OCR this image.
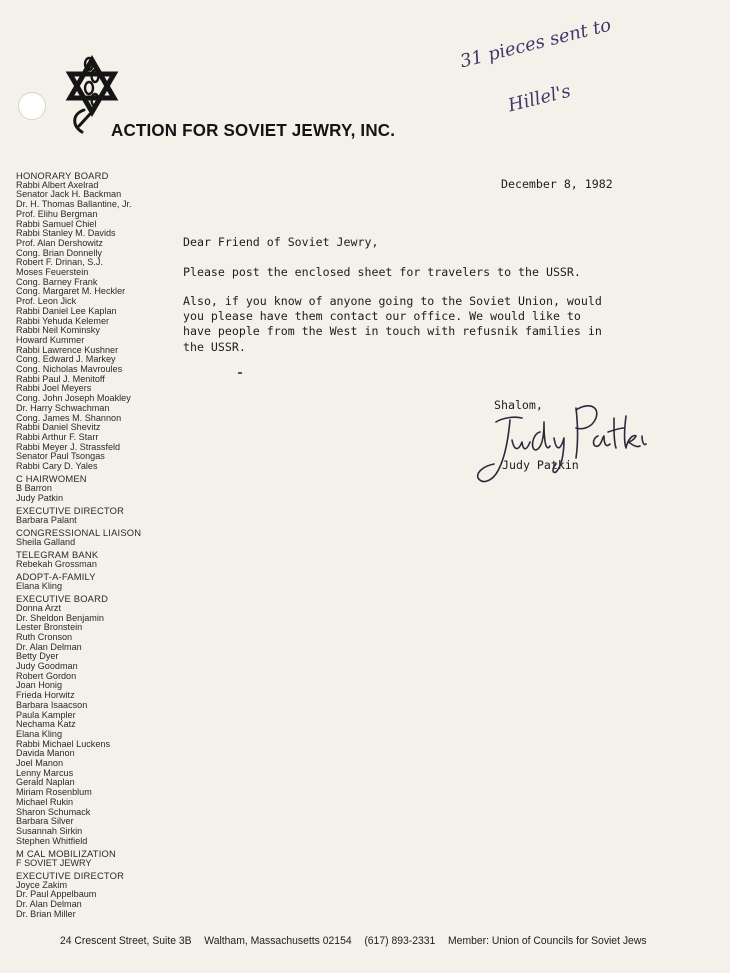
ACTION FOR SOVIET JEWRY, INC.
31 pieces sent to
Hillel's
HONORARY BOARD
Rabbi Albert Axelrad
Senator Jack H. Backman
Dr. H. Thomas Ballantine, Jr.
Prof. Elihu Bergman
Rabbi Samuel Chiel
Rabbi Stanley M. Davids
Prof. Alan Dershowitz
Cong. Brian Donnelly
Robert F. Drinan, S.J.
Moses Feuerstein
Cong. Barney Frank
Cong. Margaret M. Heckler
Prof. Leon Jick
Rabbi Daniel Lee Kaplan
Rabbi Yehuda Kelemer
Rabbi Neil Kominsky
Howard Kummer
Rabbi Lawrence Kushner
Cong. Edward J. Markey
Cong. Nicholas Mavroules
Rabbi Paul J. Menitoff
Rabbi Joel Meyers
Cong. John Joseph Moakley
Dr. Harry Schwachman
Cong. James M. Shannon
Rabbi Daniel Shevitz
Rabbi Arthur F. Starr
Rabbi Meyer J. Strassfeld
Senator Paul Tsongas
Rabbi Cary D. Yales
C HAIRWOMEN
B Barron
Judy Patkin
EXECUTIVE DIRECTOR
Barbara Palant
CONGRESSIONAL LIAISON
Sheila Galland
TELEGRAM BANK
Rebekah Grossman
ADOPT-A-FAMILY
Elana Kling
EXECUTIVE BOARD
Donna Arzt
Dr. Sheldon Benjamin
Lester Bronstein
Ruth Cronson
Dr. Alan Delman
Betty Dyer
Judy Goodman
Robert Gordon
Joan Honig
Frieda Horwitz
Barbara Isaacson
Paula Kampler
Nechama Katz
Elana Kling
Rabbi Michael Luckens
Davida Manon
Joel Manon
Lenny Marcus
Gerald Naplan
Miriam Rosenblum
Michael Rukin
Sharon Schumack
Barbara Silver
Susannah Sirkin
Stephen Whitfield
M CAL MOBILIZATION
F SOVIET JEWRY
EXECUTIVE DIRECTOR
Joyce Zakim
Dr. Paul Appelbaum
Dr. Alan Delman
Dr. Brian Miller
December 8, 1982
Dear Friend of Soviet Jewry,
Please post the enclosed sheet for travelers to the USSR.
Also, if you know of anyone going to the Soviet Union, would
you please have them contact our office. We would like to
have people from the West in touch with refusnik families in
the USSR.
Shalom,
Judy Patkin
24 Crescent Street, Suite 3B Waltham, Massachusetts 02154 (617) 893-2331 Member: Union of Councils for Soviet Jews
